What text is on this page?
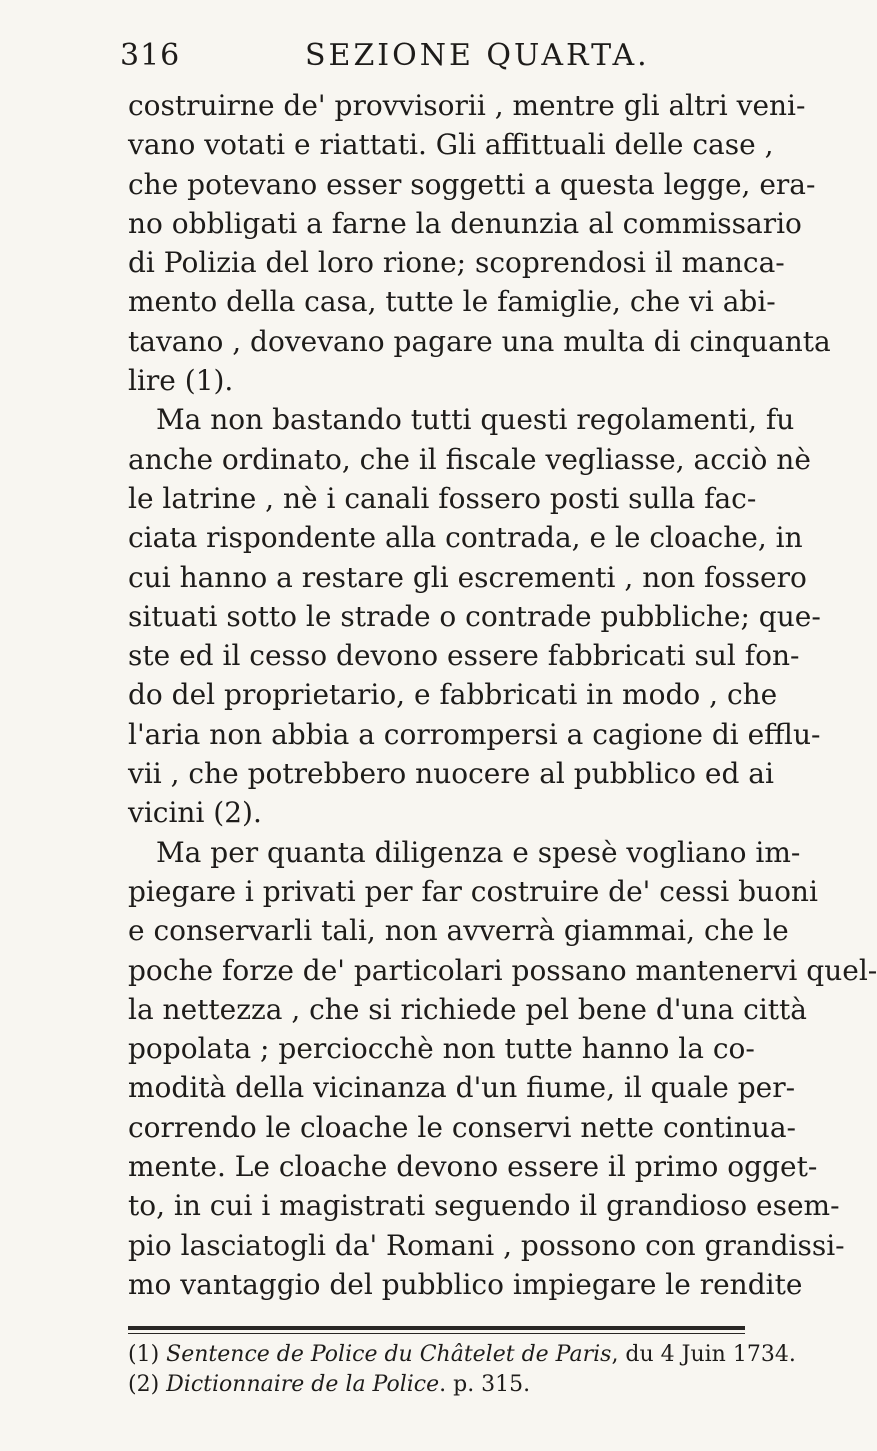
316	SEZIONE QUARTA.
costruirne de' provvisorii , mentre gli altri veni-
vano votati e riattati. Gli affittuali delle case ,
che potevano esser soggetti a questa legge, era-
no obbligati a farne la denunzia al commissario
di Polizia del loro rione; scoprendosi il manca-
mento della casa, tutte le famiglie, che vi abi-
tavano , dovevano pagare una multa di cinquanta
lire (1).
Ma non bastando tutti questi regolamenti, fu
anche ordinato, che il fiscale vegliasse, acciò nè
le latrine , nè i canali fossero posti sulla fac-
ciata rispondente alla contrada, e le cloache, in
cui hanno a restare gli escrementi , non fossero
situati sotto le strade o contrade pubbliche; que-
ste ed il cesso devono essere fabbricati sul fon-
do del proprietario, e fabbricati in modo , che
l'aria non abbia a corrompersi a cagione di efflu-
vii , che potrebbero nuocere al pubblico ed ai
vicini (2).
Ma per quanta diligenza e spesè vogliano im-
piegare i privati per far costruire de' cessi buoni
e conservarli tali, non avverrà giammai, che le
poche forze de' particolari possano mantenervi quel-
la nettezza , che si richiede pel bene d'una città
popolata ; perciocchè non tutte hanno la co-
modità della vicinanza d'un fiume, il quale per-
correndo le cloache le conservi nette continua-
mente. Le cloache devono essere il primo ogget-
to, in cui i magistrati seguendo il grandioso esem-
pio lasciatogli da' Romani , possono con grandissi-
mo vantaggio del pubblico impiegare le rendite
(1) Sentence de Police du Châtelet de Paris, du 4 Juin 1734.
(2) Dictionnaire de la Police. p. 315.
